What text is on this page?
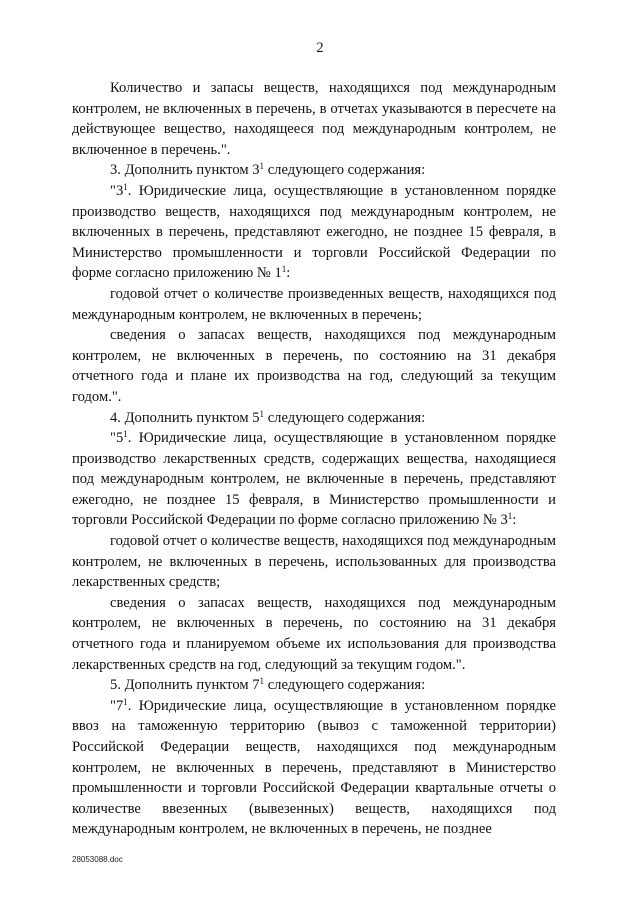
2

Количество и запасы веществ, находящихся под международным контролем, не включенных в перечень, в отчетах указываются в пересчете на действующее вещество, находящееся под международным контролем, не включенное в перечень.".

3. Дополнить пунктом $3^1$ следующего содержания:

"$3^1$. Юридические лица, осуществляющие в установленном порядке производство веществ, находящихся под международным контролем, не включенных в перечень, представляют ежегодно, не позднее 15 февраля, в Министерство промышленности и торговли Российской Федерации по форме согласно приложению № $1^1$:

годовой отчет о количестве произведенных веществ, находящихся под международным контролем, не включенных в перечень;

сведения о запасах веществ, находящихся под международным контролем, не включенных в перечень, по состоянию на 31 декабря отчетного года и плане их производства на год, следующий за текущим годом.".

4. Дополнить пунктом $5^1$ следующего содержания:

"$5^1$. Юридические лица, осуществляющие в установленном порядке производство лекарственных средств, содержащих вещества, находящиеся под международным контролем, не включенные в перечень, представляют ежегодно, не позднее 15 февраля, в Министерство промышленности и торговли Российской Федерации по форме согласно приложению № $3^1$:

годовой отчет о количестве веществ, находящихся под международным контролем, не включенных в перечень, использованных для производства лекарственных средств;

сведения о запасах веществ, находящихся под международным контролем, не включенных в перечень, по состоянию на 31 декабря отчетного года и планируемом объеме их использования для производства лекарственных средств на год, следующий за текущим годом.".

5. Дополнить пунктом $7^1$ следующего содержания:

"$7^1$. Юридические лица, осуществляющие в установленном порядке ввоз на таможенную территорию (вывоз с таможенной территории) Российской Федерации веществ, находящихся под международным контролем, не включенных в перечень, представляют в Министерство промышленности и торговли Российской Федерации квартальные отчеты о количестве ввезенных (вывезенных) веществ, находящихся под международным контролем, не включенных в перечень, не позднее

28053088.doc
